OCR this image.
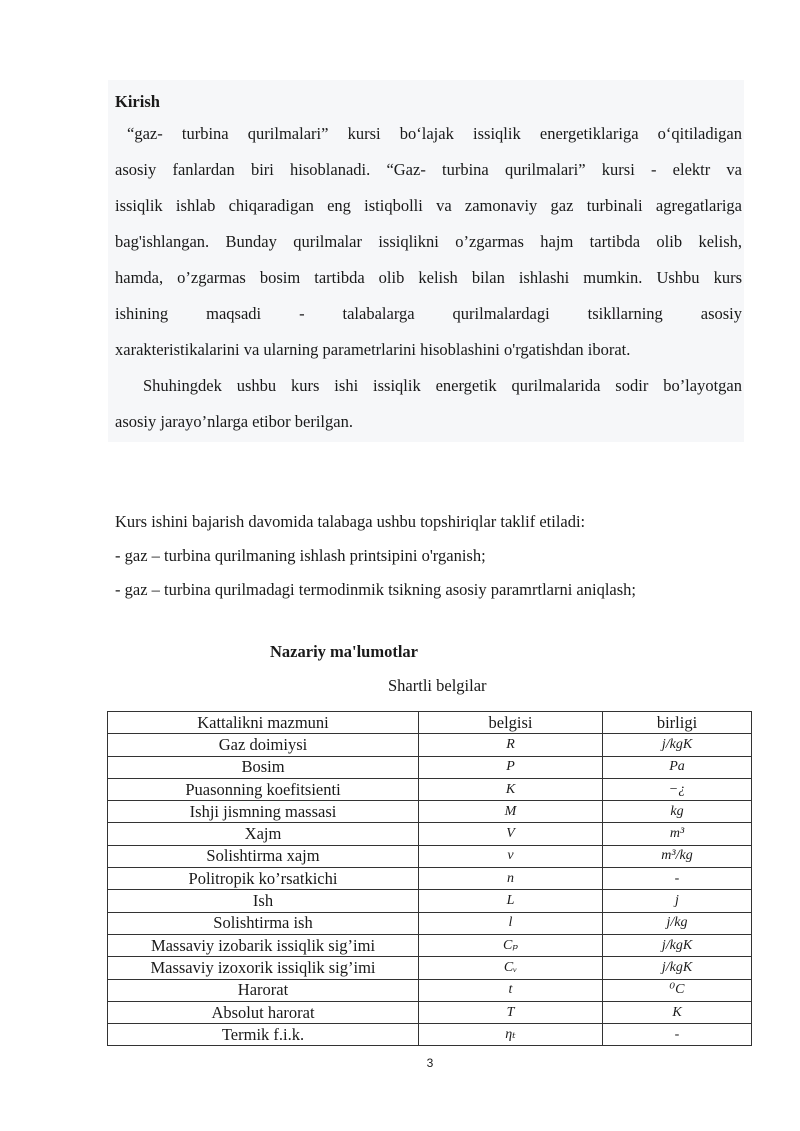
Kirish
“gaz- turbina qurilmalari” kursi bo‘lajak issiqlik energetiklariga o‘qitiladigan
asosiy fanlardan biri hisoblanadi. “Gaz- turbina qurilmalari” kursi - elektr va
issiqlik ishlab chiqaradigan eng istiqbolli va zamonaviy gaz turbinali agregatlariga
bag'ishlangan. Bunday qurilmalar issiqlikni o’zgarmas hajm tartibda olib kelish,
hamda, o’zgarmas bosim tartibda olib kelish bilan ishlashi mumkin. Ushbu kurs
ishining maqsadi - talabalarga qurilmalardagi tsikllarning asosiy
xarakteristikalarini va ularning parametrlarini hisoblashini o'rgatishdan iborat.
Shuhingdek ushbu kurs ishi issiqlik energetik qurilmalarida sodir bo’layotgan
asosiy jarayo’nlarga etibor berilgan.
Kurs ishini bajarish davomida talabaga ushbu topshiriqlar taklif etiladi:
- gaz – turbina qurilmaning ishlash printsipini o'rganish;
- gaz – turbina qurilmadagi termodinmik tsikning asosiy paramrtlarni aniqlash;
Nazariy ma'lumotlar
Shartli belgilar
Kattalikni mazmuni	belgisi	birligi
Gaz doimiysi	R	j/kgK
Bosim	P	Pa
Puasonning koefitsienti	K	−¿
Ishji jismning massasi	M	kg
Xajm	V	m³
Solishtirma xajm	v	m³/kg
Politropik ko’rsatkichi	n	-
Ish	L	j
Solishtirma ish	l	j/kg
Massaviy izobarik issiqlik sig’imi	Cₚ	j/kgK
Massaviy izoxorik issiqlik sig’imi	Cᵥ	j/kgK
Harorat	t	⁰C
Absolut harorat	T	K
Termik f.i.k.	ηₜ	-
3
